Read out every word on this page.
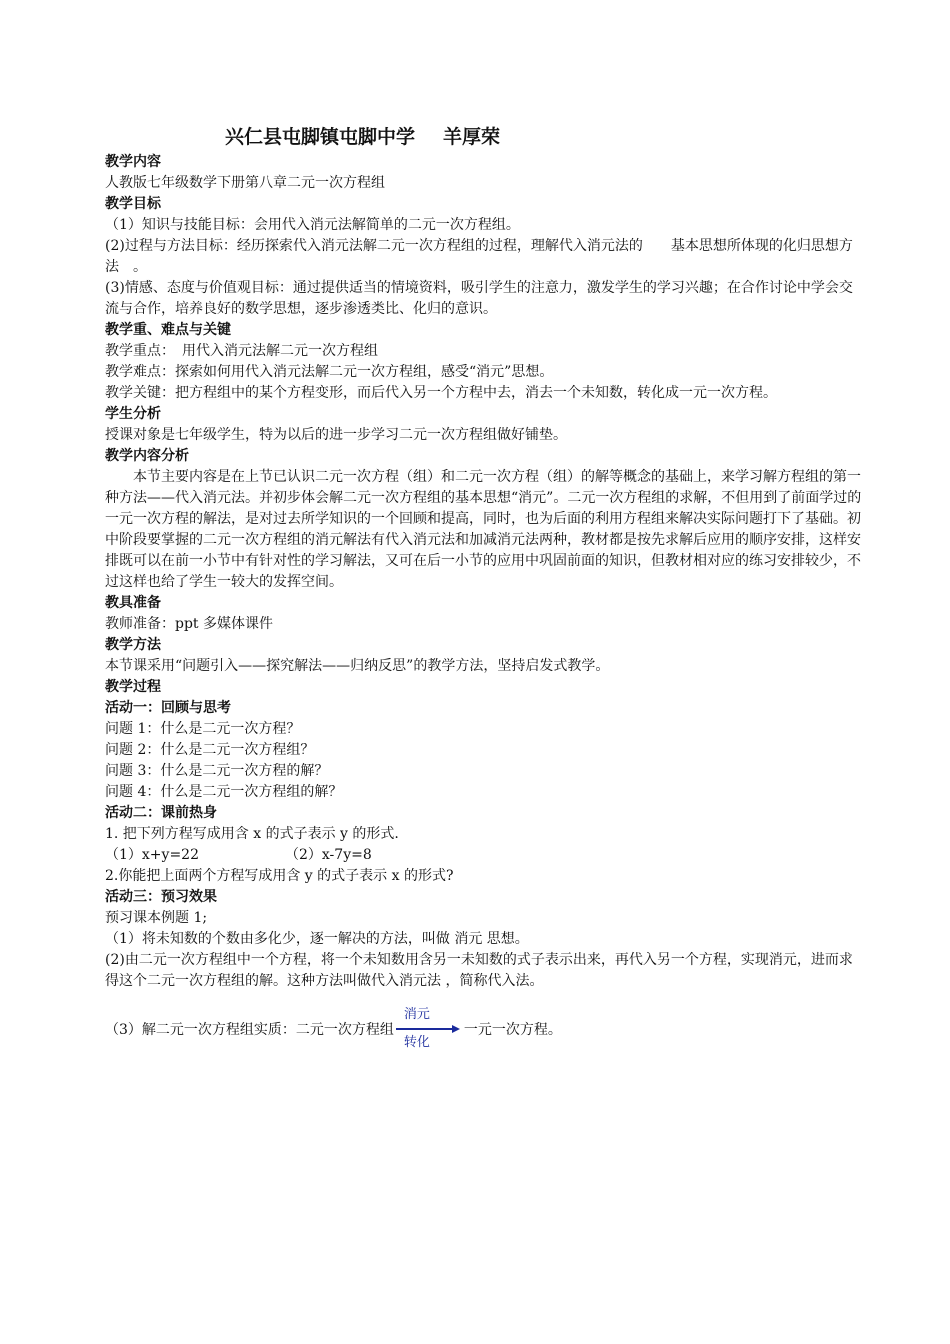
兴仁县屯脚镇屯脚中学 羊厚荣
教学内容

人教版七年级数学下册第八章二元一次方程组

教学目标

（1）知识与技能目标：会用代入消元法解简单的二元一次方程组。

(2)过程与方法目标：经历探索代入消元法解二元一次方程组的过程，理解代入消元法的　　基本思想所体现的化归思想方法　。

(3)情感、态度与价值观目标：通过提供适当的情境资料，吸引学生的注意力，激发学生的学习兴趣；在合作讨论中学会交流与合作，培养良好的数学思想，逐步渗透类比、化归的意识。

教学重、难点与关键

教学重点：　用代入消元法解二元一次方程组

教学难点：探索如何用代入消元法解二元一次方程组，感受“消元”思想。

教学关键：把方程组中的某个方程变形，而后代入另一个方程中去，消去一个未知数，转化成一元一次方程。

学生分析

授课对象是七年级学生，特为以后的进一步学习二元一次方程组做好铺垫。

教学内容分析

本节主要内容是在上节已认识二元一次方程（组）和二元一次方程（组）的解等概念的基础上，来学习解方程组的第一种方法——代入消元法。并初步体会解二元一次方程组的基本思想“消元”。二元一次方程组的求解，不但用到了前面学过的一元一次方程的解法，是对过去所学知识的一个回顾和提高，同时，也为后面的利用方程组来解决实际问题打下了基础。初中阶段要掌握的二元一次方程组的消元解法有代入消元法和加减消元法两种，教材都是按先求解后应用的顺序安排，这样安排既可以在前一小节中有针对性的学习解法，又可在后一小节的应用中巩固前面的知识，但教材相对应的练习安排较少，不过这样也给了学生一较大的发挥空间。

教具准备

教师准备：ppt 多媒体课件

教学方法

本节课采用“问题引入——探究解法——归纳反思”的教学方法，坚持启发式教学。

教学过程
活动一：回顾与思考

问题 1：什么是二元一次方程？

问题 2：什么是二元一次方程组？

问题 3：什么是二元一次方程的解？

问题 4：什么是二元一次方程组的解？

活动二：课前热身

1. 把下列方程写成用含 x 的式子表示 y 的形式.

（1）x+y=22	（2）x-7y=8

2.你能把上面两个方程写成用含 y 的式子表示 x 的形式?

活动三：预习效果

预习课本例题 1;

（1）将未知数的个数由多化少，逐一解决的方法，叫做 消元 思想。

(2)由二元一次方程组中一个方程，将一个未知数用含另一未知数的式子表示出来，再代入另一个方程，实现消元，进而求得这个二元一次方程组的解。这种方法叫做代入消元法 ，简称代入法。

（3）解二元一次方程组实质：二元一次方程组
消元
转化
一元一次方程。
